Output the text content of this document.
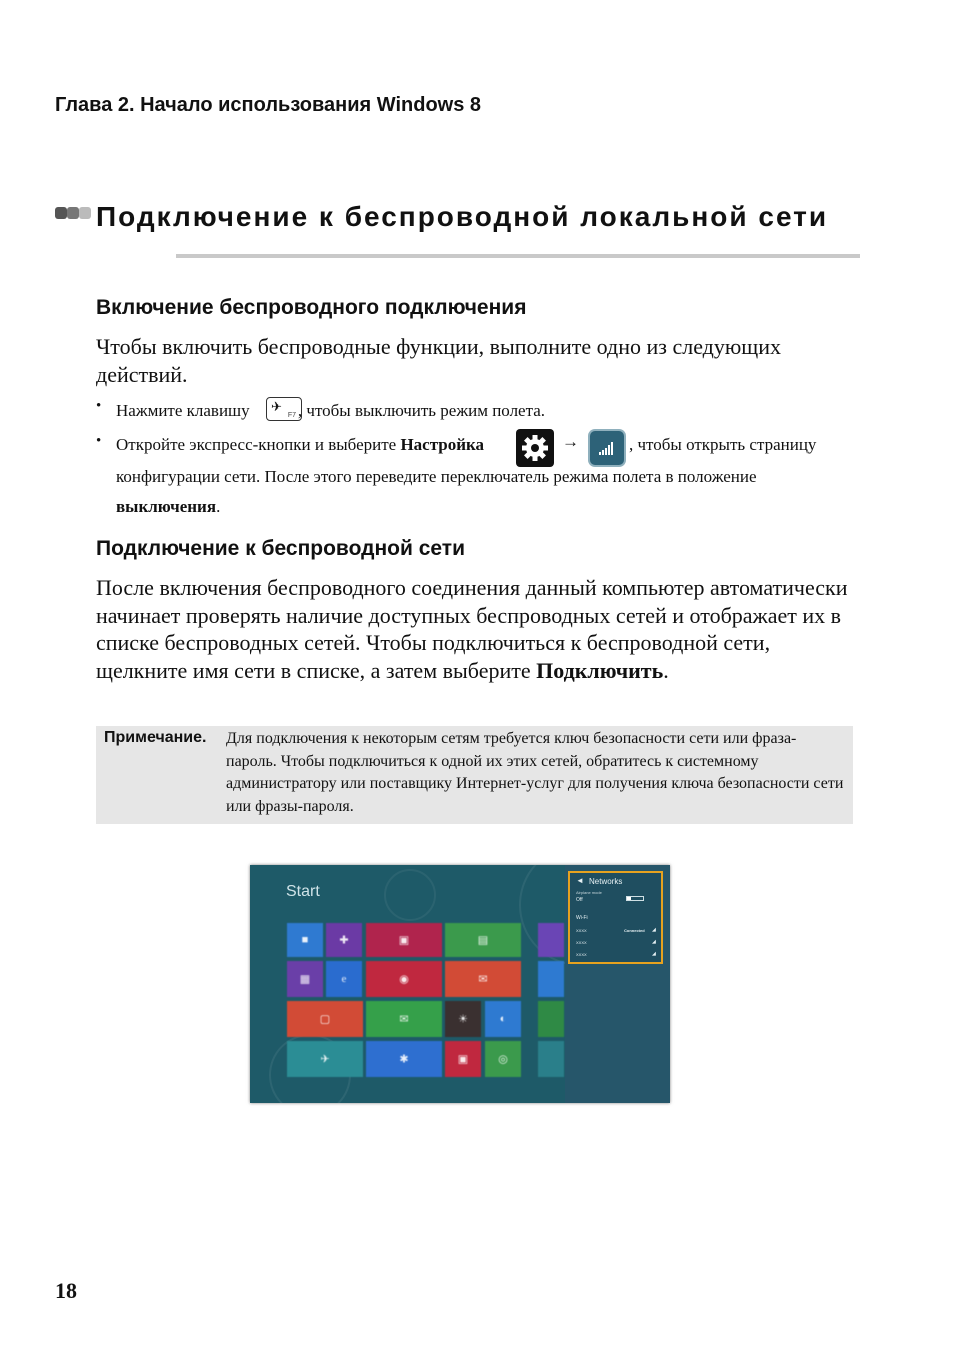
Глава 2. Начало использования Windows 8
Подключение к беспроводной локальной сети
Включение беспроводного подключения
Чтобы включить беспроводные функции, выполните одно из следующих действий.
• Нажмите клавишу	, чтобы выключить режим полета.
✈
F7
• Откройте экспресс-кнопки и выберите Настройка	→	, чтобы открыть страницу
конфигурации сети. После этого переведите переключатель режима полета в положение
выключения.
Подключение к беспроводной сети
После включения беспроводного соединения данный компьютер автоматически начинает проверять наличие доступных беспроводных сетей и отображает их в списке беспроводных сетей. Чтобы подключиться к беспроводной сети, щелкните имя сети в списке, а затем выберите Подключить.
Примечание. Для подключения к некоторым сетям требуется ключ безопасности сети или фраза-пароль. Чтобы подключиться к одной их этих сетей, обратитесь к системному администратору или поставщику Интернет-услуг для получения ключа безопасности сети или фразы-пароля.
Start
■	✚	▣	▤
▦	e	◉	✉
▢	✉	☀	◐
✈	✱	▣	◎
◄ Networks
Airplane mode
Off
Wi-Fi
XXXX	Connected ◢
XXXX	◢
XXXX	◢
18
